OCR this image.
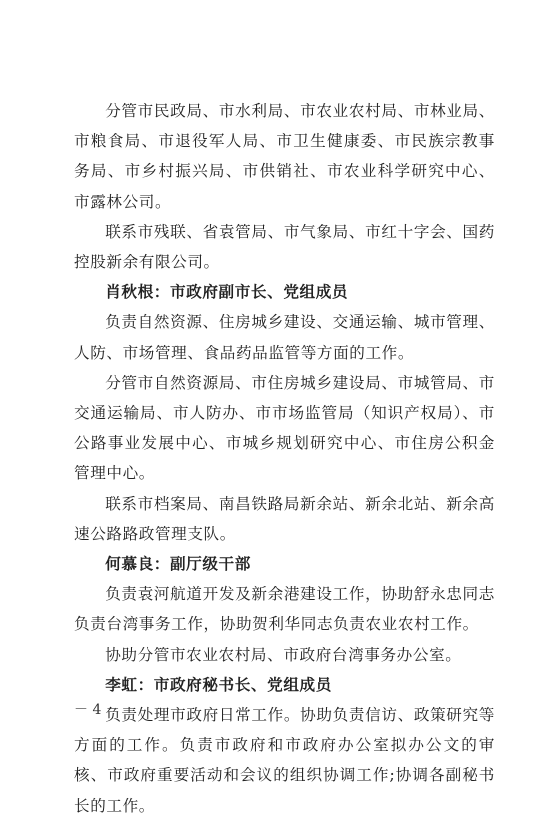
分管市民政局、市水利局、市农业农村局、市林业局、市粮食局、市退役军人局、市卫生健康委、市民族宗教事务局、市乡村振兴局、市供销社、市农业科学研究中心、市露林公司。

联系市残联、省袁管局、市气象局、市红十字会、国药控股新余有限公司。

肖秋根：市政府副市长、党组成员

负责自然资源、住房城乡建设、交通运输、城市管理、人防、市场管理、食品药品监管等方面的工作。

分管市自然资源局、市住房城乡建设局、市城管局、市交通运输局、市人防办、市市场监管局（知识产权局）、市公路事业发展中心、市城乡规划研究中心、市住房公积金管理中心。

联系市档案局、南昌铁路局新余站、新余北站、新余高速公路路政管理支队。

何慕良：副厅级干部

负责袁河航道开发及新余港建设工作，协助舒永忠同志负责台湾事务工作，协助贺利华同志负责农业农村工作。

协助分管市农业农村局、市政府台湾事务办公室。

李虹：市政府秘书长、党组成员

负责处理市政府日常工作。协助负责信访、政策研究等方面的工作。负责市政府和市政府办公室拟办公文的审核、市政府重要活动和会议的组织协调工作;协调各副秘书长的工作。

－ 4 －
